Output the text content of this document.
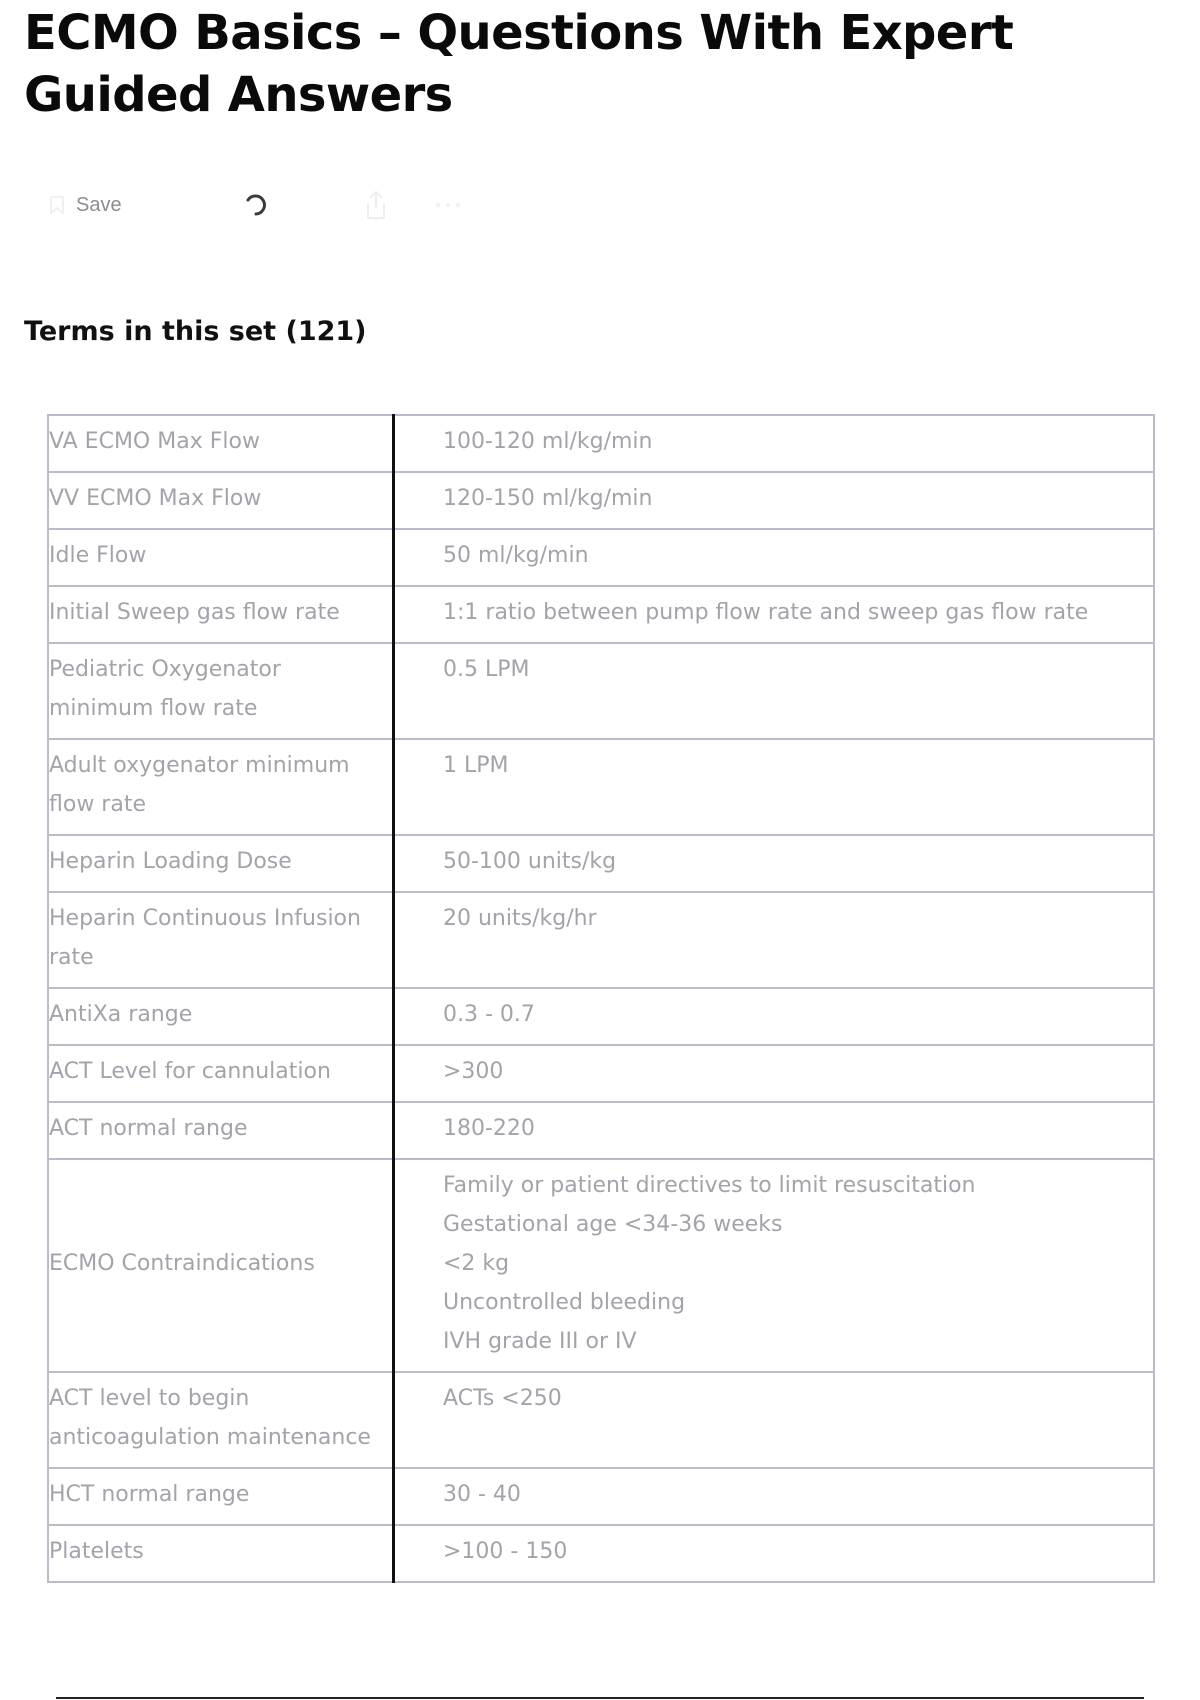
ECMO Basics – Questions With Expert Guided Answers
Save
Terms in this set (121)
VA ECMO Max Flow	100-120 ml/kg/min

VV ECMO Max Flow	120-150 ml/kg/min

Idle Flow	50 ml/kg/min

Initial Sweep gas flow rate	1:1 ratio between pump flow rate and sweep gas flow rate

Pediatric Oxygenator minimum flow rate	0.5 LPM

Adult oxygenator minimum flow rate	1 LPM

Heparin Loading Dose	50-100 units/kg

Heparin Continuous Infusion rate	20 units/kg/hr

AntiXa range	0.3 - 0.7

ACT Level for cannulation	>300

ACT normal range	180-220

ECMO Contraindications	Family or patient directives to limit resuscitation
Gestational age <34-36 weeks
<2 kg
Uncontrolled bleeding
IVH grade III or IV

ACT level to begin anticoagulation maintenance	ACTs <250

HCT normal range	30 - 40

Platelets	>100 - 150
